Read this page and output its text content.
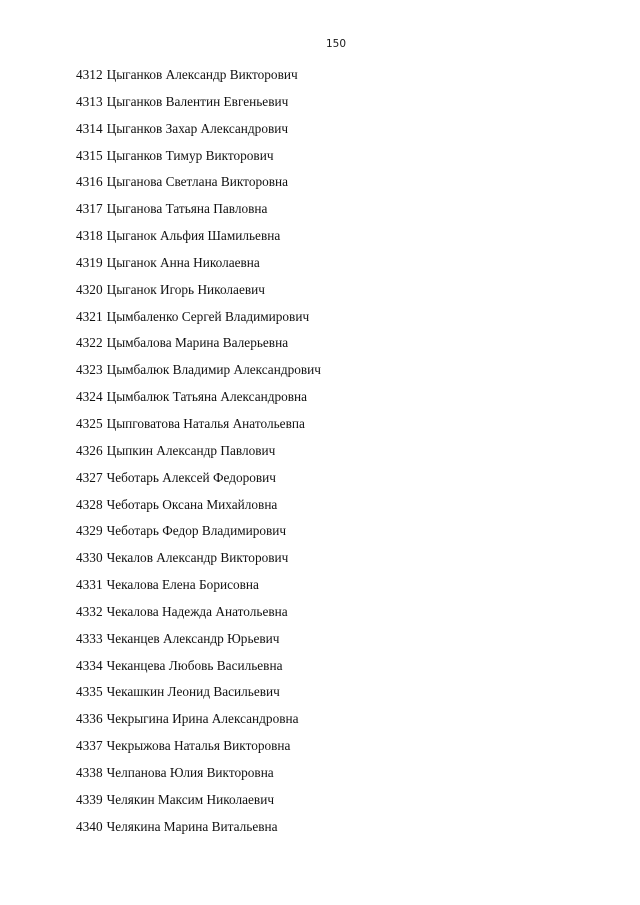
150
4312 Цыганков Александр Викторович
4313 Цыганков Валентин Евгеньевич
4314 Цыганков Захар Александрович
4315 Цыганков Тимур Викторович
4316 Цыганова Светлана Викторовна
4317 Цыганова Татьяна Павловна
4318 Цыганок Альфия Шамильевна
4319 Цыганок Анна Николаевна
4320 Цыганок Игорь Николаевич
4321 Цымбаленко Сергей Владимирович
4322 Цымбалова Марина Валерьевна
4323 Цымбалюк Владимир Александрович
4324 Цымбалюк Татьяна Александровна
4325 Цыпговатова Наталья Анатольевпа
4326 Цыпкин Александр Павлович
4327 Чеботарь Алексей Федорович
4328 Чеботарь Оксана Михайловна
4329 Чеботарь Федор Владимирович
4330 Чекалов Александр Викторович
4331 Чекалова Елена Борисовна
4332 Чекалова Надежда Анатольевна
4333 Чеканцев Александр Юрьевич
4334 Чеканцева Любовь Васильевна
4335 Чекашкин Леонид Васильевич
4336 Чекрыгина Ирина Александровна
4337 Чекрыжова Наталья Викторовна
4338 Челпанова Юлия Викторовна
4339 Челякин Максим Николаевич
4340 Челякина Марина Витальевна
